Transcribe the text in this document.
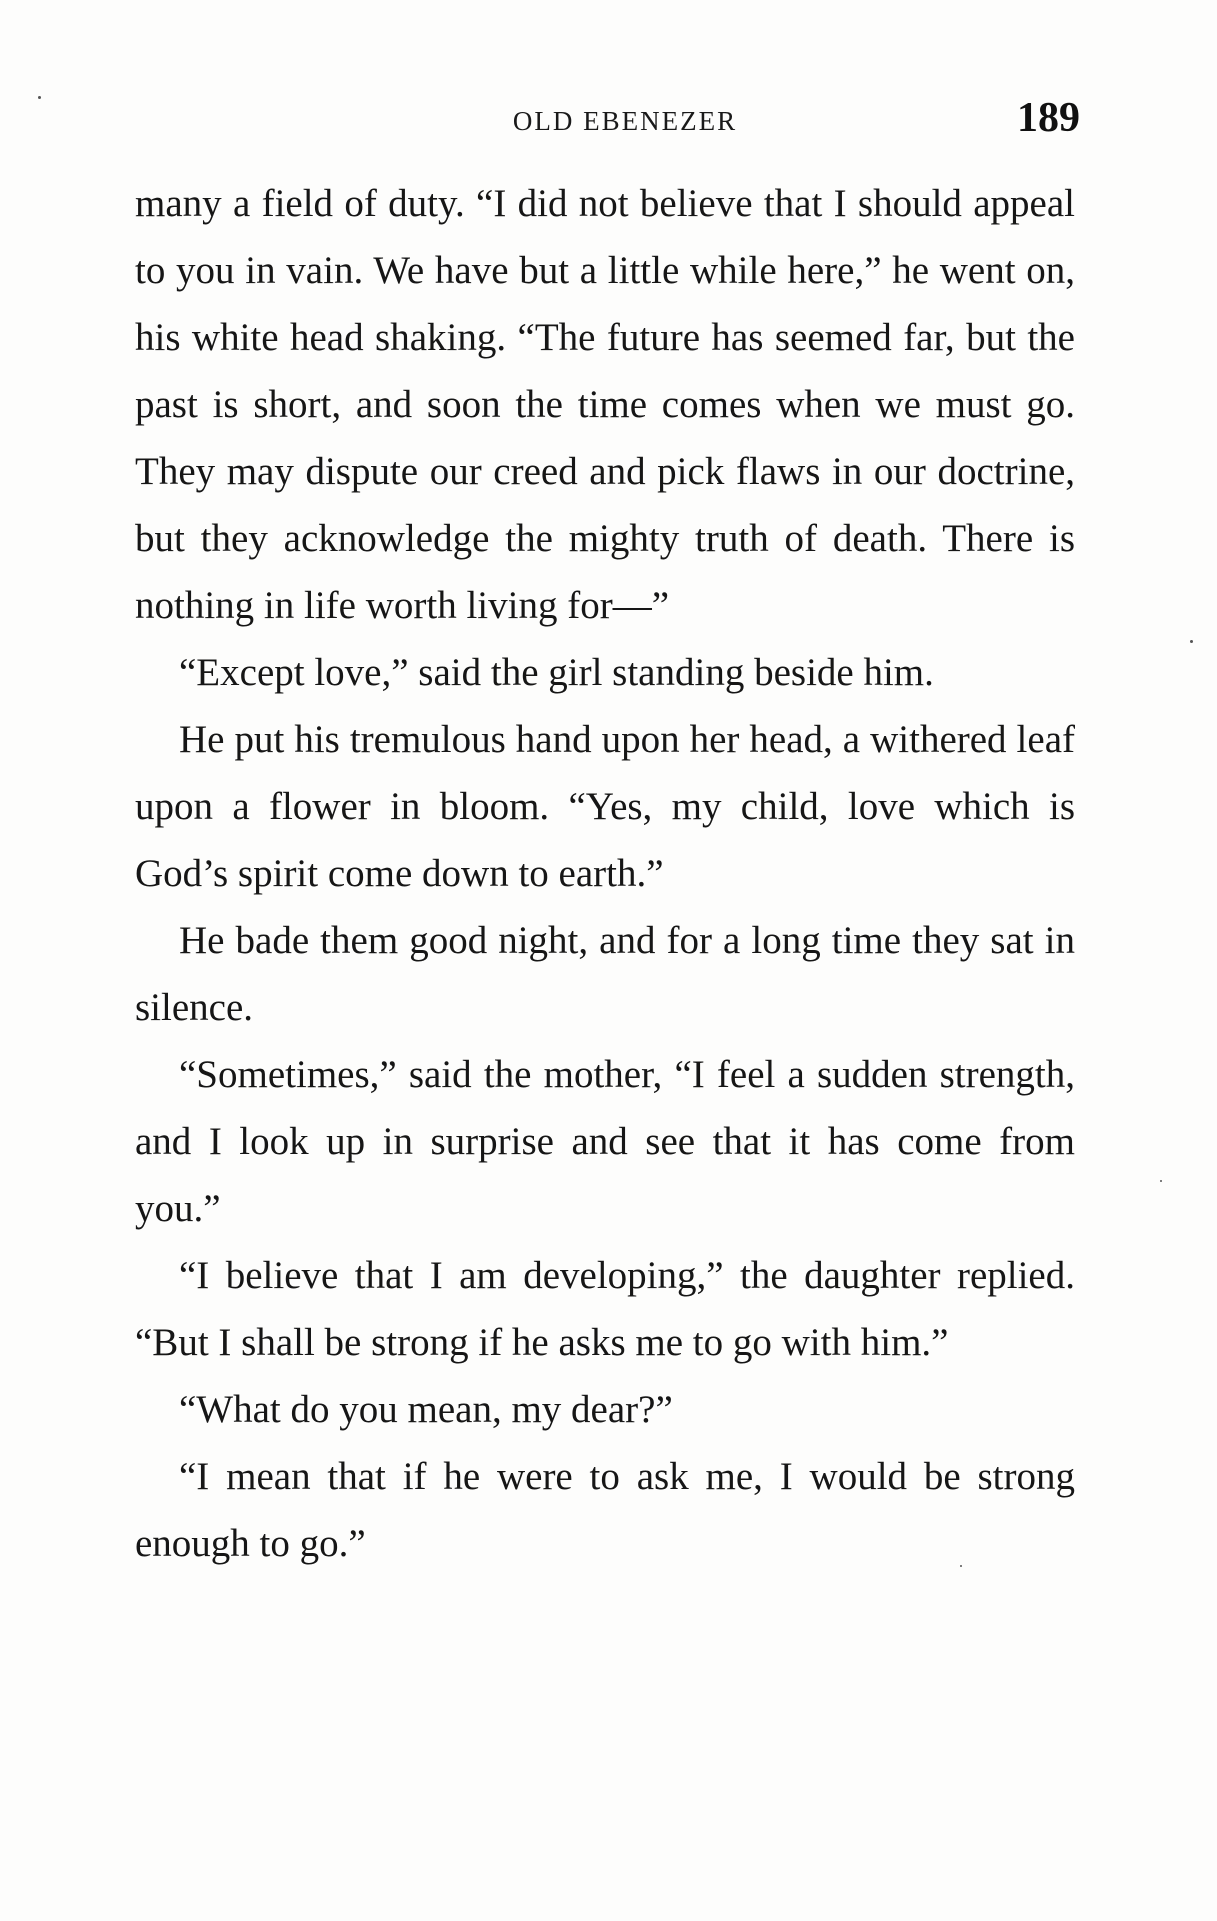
OLD EBENEZER	189

many a field of duty. “I did not believe that I should appeal to you in vain. We have but a little while here,” he went on, his white head shaking. “The future has seemed far, but the past is short, and soon the time comes when we must go. They may dispute our creed and pick flaws in our doctrine, but they acknowledge the mighty truth of death. There is nothing in life worth living for—”

“Except love,” said the girl standing beside him.

He put his tremulous hand upon her head, a withered leaf upon a flower in bloom. “Yes, my child, love which is God’s spirit come down to earth.”

He bade them good night, and for a long time they sat in silence.

“Sometimes,” said the mother, “I feel a sudden strength, and I look up in surprise and see that it has come from you.”

“I believe that I am developing,” the daughter replied. “But I shall be strong if he asks me to go with him.”

“What do you mean, my dear?”

“I mean that if he were to ask me, I would be strong enough to go.”
